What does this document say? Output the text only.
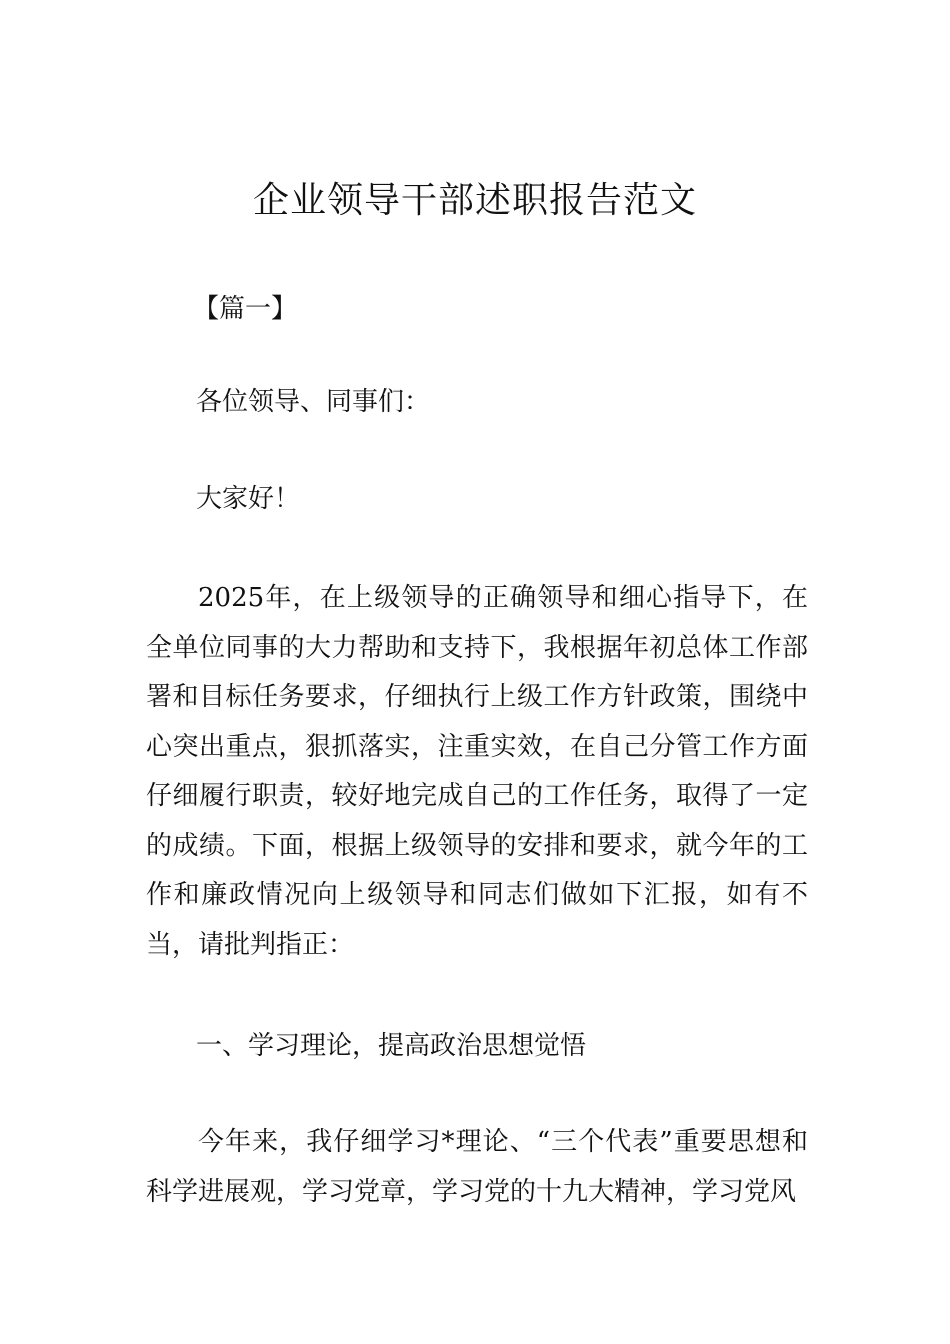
企业领导干部述职报告范文

【篇一】

各位领导、同事们：

大家好！

2025年，在上级领导的正确领导和细心指导下，在全单位同事的大力帮助和支持下，我根据年初总体工作部署和目标任务要求，仔细执行上级工作方针政策，围绕中心突出重点，狠抓落实，注重实效，在自己分管工作方面仔细履行职责，较好地完成自己的工作任务，取得了一定的成绩。下面，根据上级领导的安排和要求，就今年的工作和廉政情况向上级领导和同志们做如下汇报，如有不当，请批判指正：

一、学习理论，提高政治思想觉悟

今年来，我仔细学习*理论、“三个代表”重要思想和科学进展观，学习党章，学习党的十九大精神，学习党风
